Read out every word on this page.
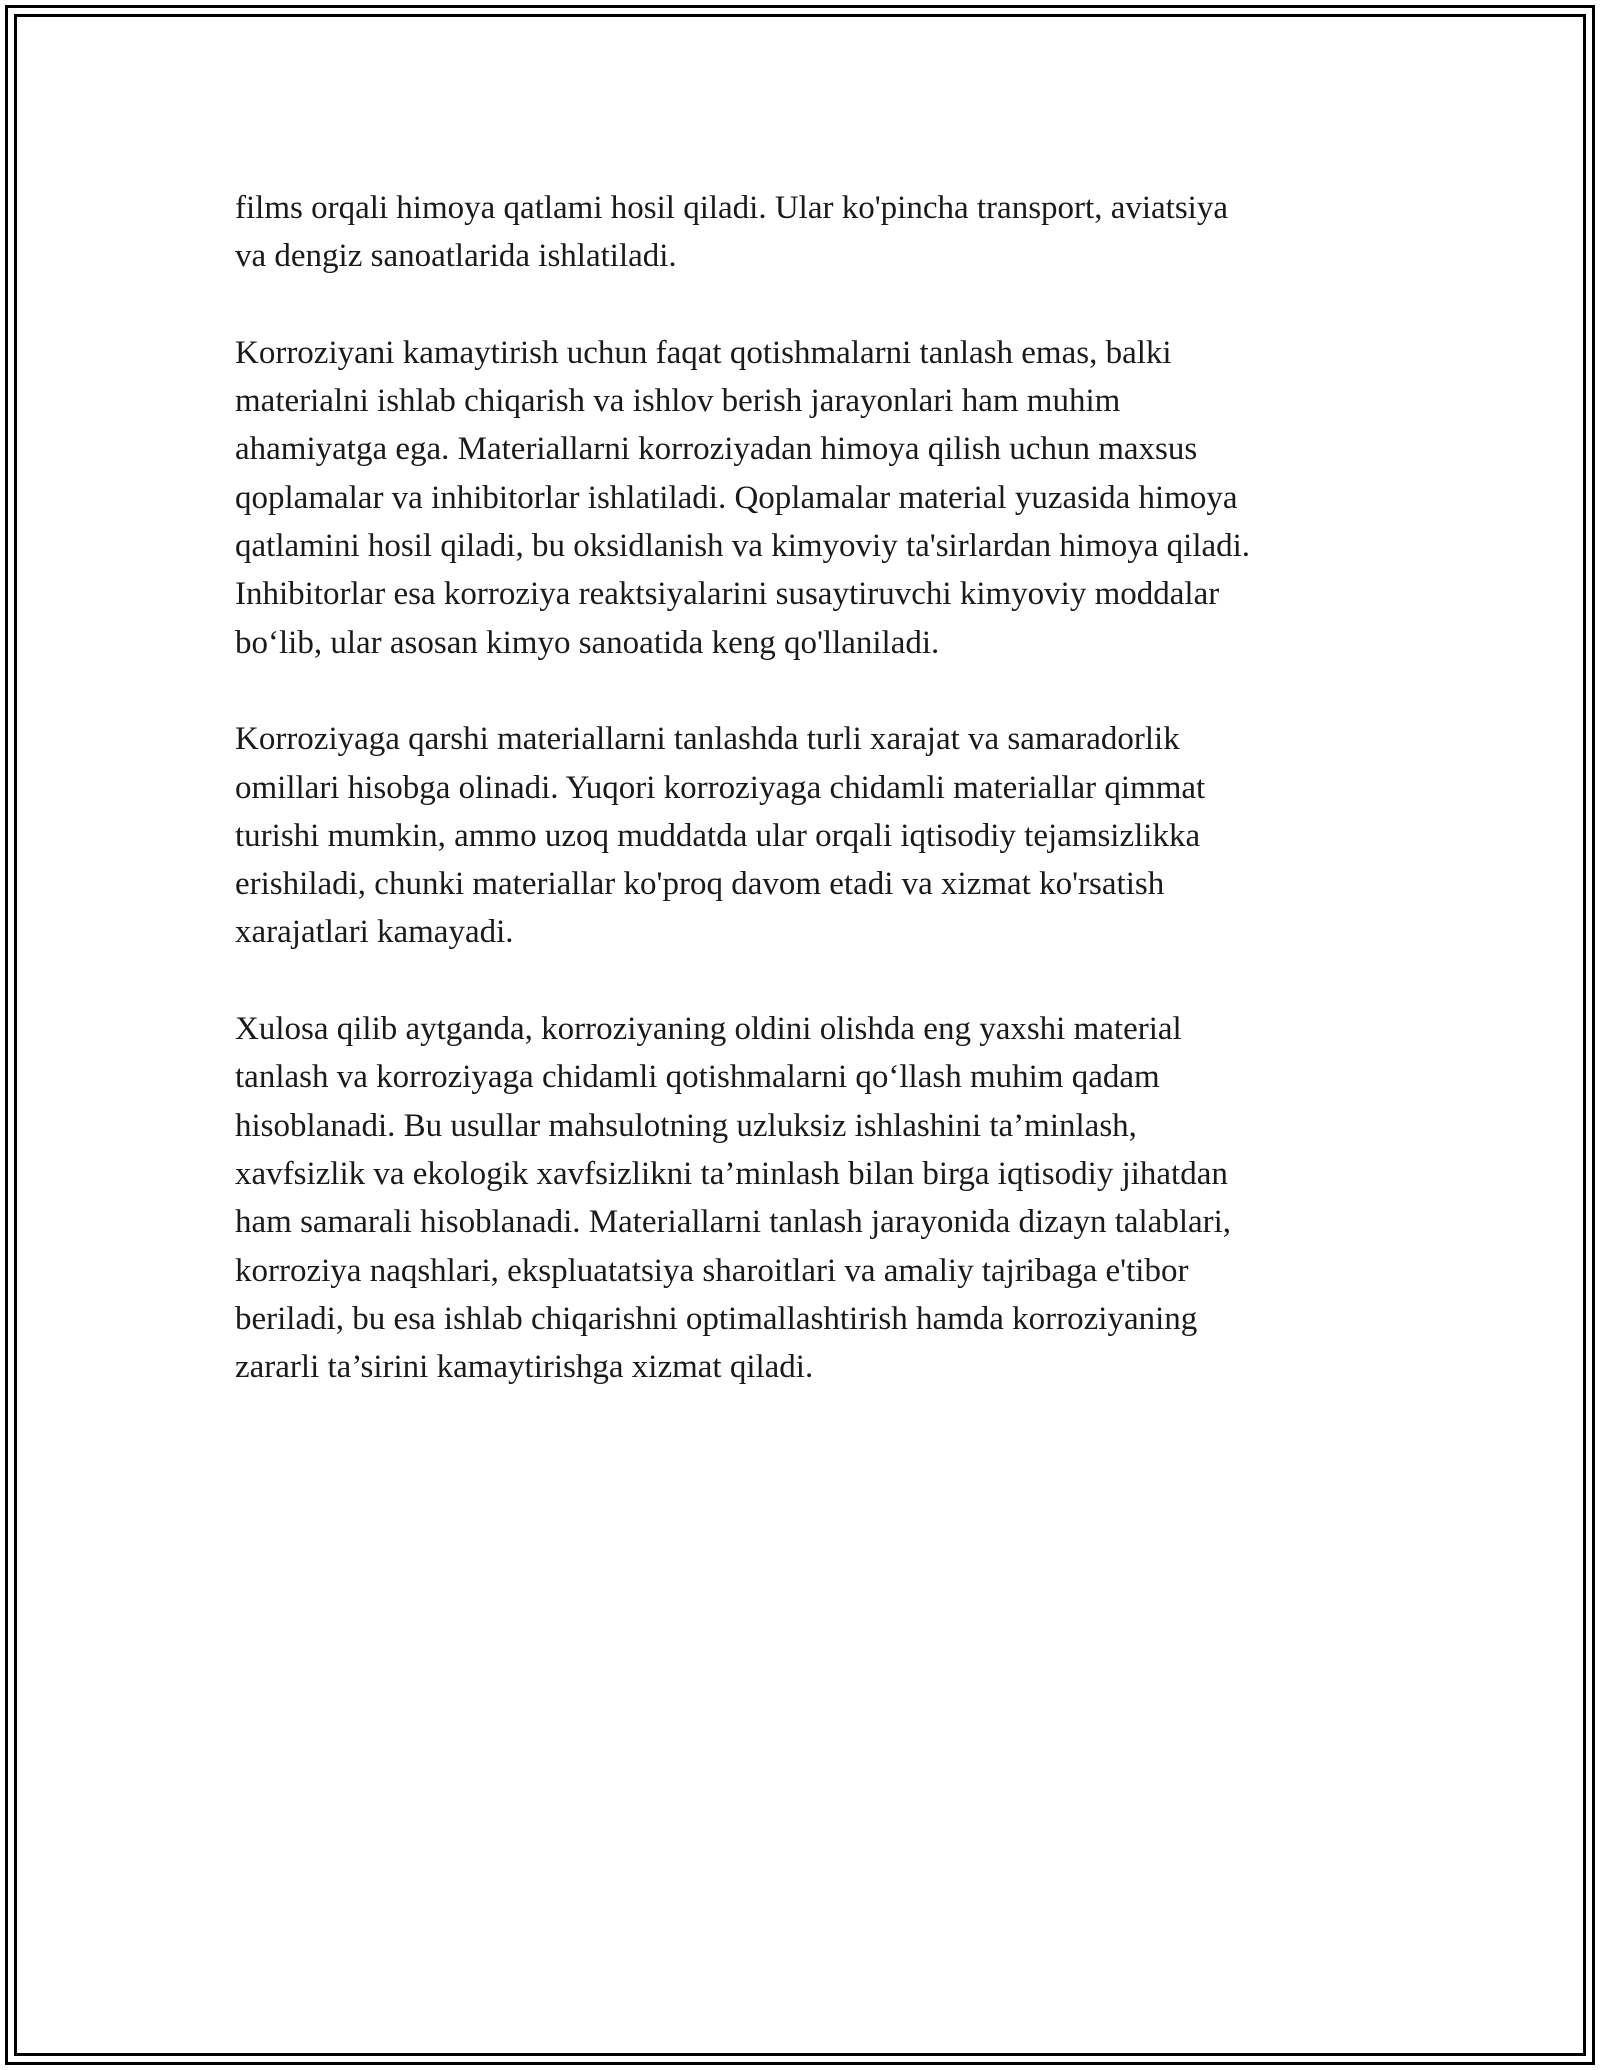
films orqali himoya qatlami hosil qiladi. Ular ko'pincha transport, aviatsiya
va dengiz sanoatlarida ishlatiladi.

Korroziyani kamaytirish uchun faqat qotishmalarni tanlash emas, balki
materialni ishlab chiqarish va ishlov berish jarayonlari ham muhim
ahamiyatga ega. Materiallarni korroziyadan himoya qilish uchun maxsus
qoplamalar va inhibitorlar ishlatiladi. Qoplamalar material yuzasida himoya
qatlamini hosil qiladi, bu oksidlanish va kimyoviy ta'sirlardan himoya qiladi.
Inhibitorlar esa korroziya reaktsiyalarini susaytiruvchi kimyoviy moddalar
bo‘lib, ular asosan kimyo sanoatida keng qo'llaniladi.

Korroziyaga qarshi materiallarni tanlashda turli xarajat va samaradorlik
omillari hisobga olinadi. Yuqori korroziyaga chidamli materiallar qimmat
turishi mumkin, ammo uzoq muddatda ular orqali iqtisodiy tejamsizlikka
erishiladi, chunki materiallar ko'proq davom etadi va xizmat ko'rsatish
xarajatlari kamayadi.

Xulosa qilib aytganda, korroziyaning oldini olishda eng yaxshi material
tanlash va korroziyaga chidamli qotishmalarni qo‘llash muhim qadam
hisoblanadi. Bu usullar mahsulotning uzluksiz ishlashini ta’minlash,
xavfsizlik va ekologik xavfsizlikni ta’minlash bilan birga iqtisodiy jihatdan
ham samarali hisoblanadi. Materiallarni tanlash jarayonida dizayn talablari,
korroziya naqshlari, ekspluatatsiya sharoitlari va amaliy tajribaga e'tibor
beriladi, bu esa ishlab chiqarishni optimallashtirish hamda korroziyaning
zararli ta’sirini kamaytirishga xizmat qiladi.
